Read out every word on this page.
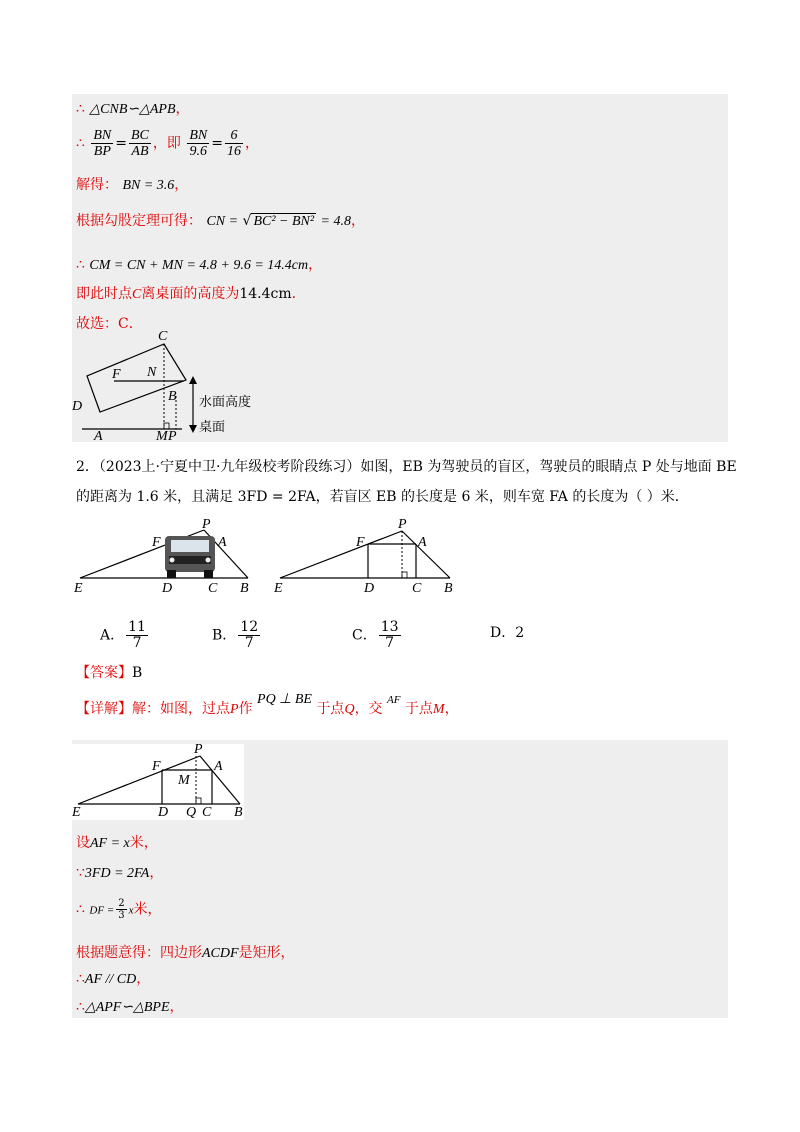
∴ △CNB∽△APB，
∴ $\frac{BN}{BP} = \frac{BC}{AB}$ ，即 $\frac{BN}{9.6} = \frac{6}{16}$ ，
解得： BN = 3.6，
根据勾股定理可得： CN = √ BC² − BN² = 4.8，
∴ CM = CN + MN = 4.8 + 9.6 = 14.4cm，
即此时点C离桌面的高度为14.4cm．
故选：C．
C
F N
B
D
A	M P
水面高度
桌面
2．（2023上·宁夏中卫·九年级校考阶段练习）如图，EB 为驾驶员的盲区，驾驶员的眼睛点 P 处与地面 BE
的距离为 1.6 米，且满足 3FD = 2FA，若盲区 EB 的长度是 6 米，则车宽 FA 的长度为（ ）米．
E	D	C B
F
P
A
E	D	C B
F
P
A
A． $\frac{11}{7}$	B． $\frac{12}{7}$	C． $\frac{13}{7}$	D．2
【答案】B
【详解】解：如图，过点P作 PQ ⊥ BE 于点Q，交 $^{AF}$ 于点M，
E	D Q C B
F
M
P
A
设AF = x米，
∵3FD = 2FA，
∴ DF = $\frac{2}{3}$ x米，
根据题意得：四边形ACDF是矩形，
∴AF // CD，
∴△APF∽△BPE，
